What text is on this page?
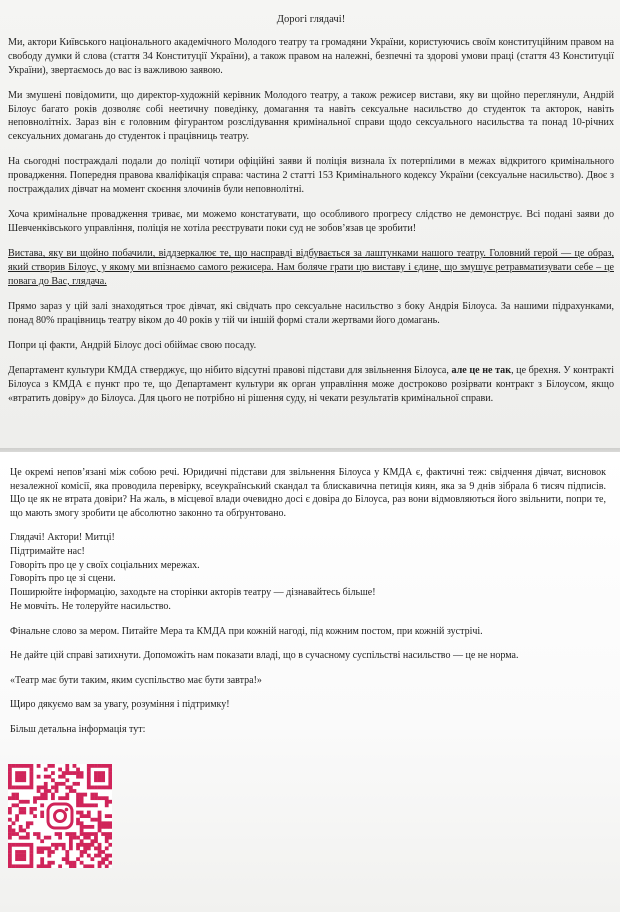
Дорогі глядачі!

Ми, актори Київського національного академічного Молодого театру та громадяни України, користуючись своїм конституційним правом на свободу думки й слова (стаття 34 Конституції України), а також правом на належні, безпечні та здорові умови праці (стаття 43 Конституції України), звертаємось до вас із важливою заявою.

Ми змушені повідомити, що директор-художній керівник Молодого театру, а також режисер вистави, яку ви щойно переглянули, Андрій Білоус багато років дозволяє собі неетичну поведінку, домагання та навіть сексуальне насильство до студенток та акторок, навіть неповнолітніх. Зараз він є головним фігурантом розслідування кримінальної справи щодо сексуального насильства та понад 10-річних сексуальних домагань до студенток і працівниць театру.

На сьогодні постраждалі подали до поліції чотири офіційні заяви й поліція визнала їх потерпілими в межах відкритого кримінального провадження. Попередня правова кваліфікація справа: частина 2 статті 153 Кримінального кодексу України (сексуальне насильство). Двоє з постраждалих дівчат на момент скоєння злочинів були неповнолітні.

Хоча кримінальне провадження триває, ми можемо констатувати, що особливого прогресу слідство не демонструє. Всі подані заяви до Шевченківського управління, поліція не хотіла реєструвати поки суд не зобов’язав це зробити!

Вистава, яку ви щойно побачили, віддзеркалює те, що насправді відбувається за лаштунками нашого театру. Головний герой — це образ, який створив Білоус, у якому ми впізнаємо самого режисера. Нам боляче грати цю виставу і єдине, що змушує ретравматизувати себе – це повага до Вас, глядача.

Прямо зараз у цій залі знаходяться троє дівчат, які свідчать про сексуальне насильство з боку Андрія Білоуса. За нашими підрахунками, понад 80% працівниць театру віком до 40 років у тій чи іншій формі стали жертвами його домагань.

Попри ці факти, Андрій Білоус досі обіймає свою посаду.

Департамент культури КМДА стверджує, що нібито відсутні правові підстави для звільнення Білоуса, але це не так, це брехня. У контракті Білоуса з КМДА є пункт про те, що Департамент культури як орган управління може достроково розірвати контракт з Білоусом, якщо «втратить довіру» до Білоуса. Для цього не потрібно ні рішення суду, ні чекати результатів кримінальної справи.

Це окремі непов’язані між собою речі. Юридичні підстави для звільнення Білоуса у КМДА є, фактичні теж: свідчення дівчат, висновок незалежної комісії, яка проводила перевірку, всеукраїнський скандал та блискавична петиція киян, яка за 9 днів зібрала 6 тисяч підписів. Що це як не втрата довіри? На жаль, в місцевої влади очевидно досі є довіра до Білоуса, раз вони відмовляються його звільнити, попри те, що мають змогу зробити це абсолютно законно та обґрунтовано.

Глядачі! Актори! Митці!

Підтримайте нас!

Говоріть про це у своїх соціальних мережах.

Говоріть про це зі сцени.

Поширюйте інформацію, заходьте на сторінки акторів театру — дізнавайтесь більше!

Не мовчіть. Не толеруйте насильство.

Фінальне слово за мером. Питайте Мера та КМДА при кожній нагоді, під кожним постом, при кожній зустрічі.

Не дайте цій справі затихнути. Допоможіть нам показати владі, що в сучасному суспільстві насильство — це не норма.

«Театр має бути таким, яким суспільство має бути завтра!»

Щиро дякуємо вам за увагу, розуміння і підтримку!

Більш детальна інформація тут:
